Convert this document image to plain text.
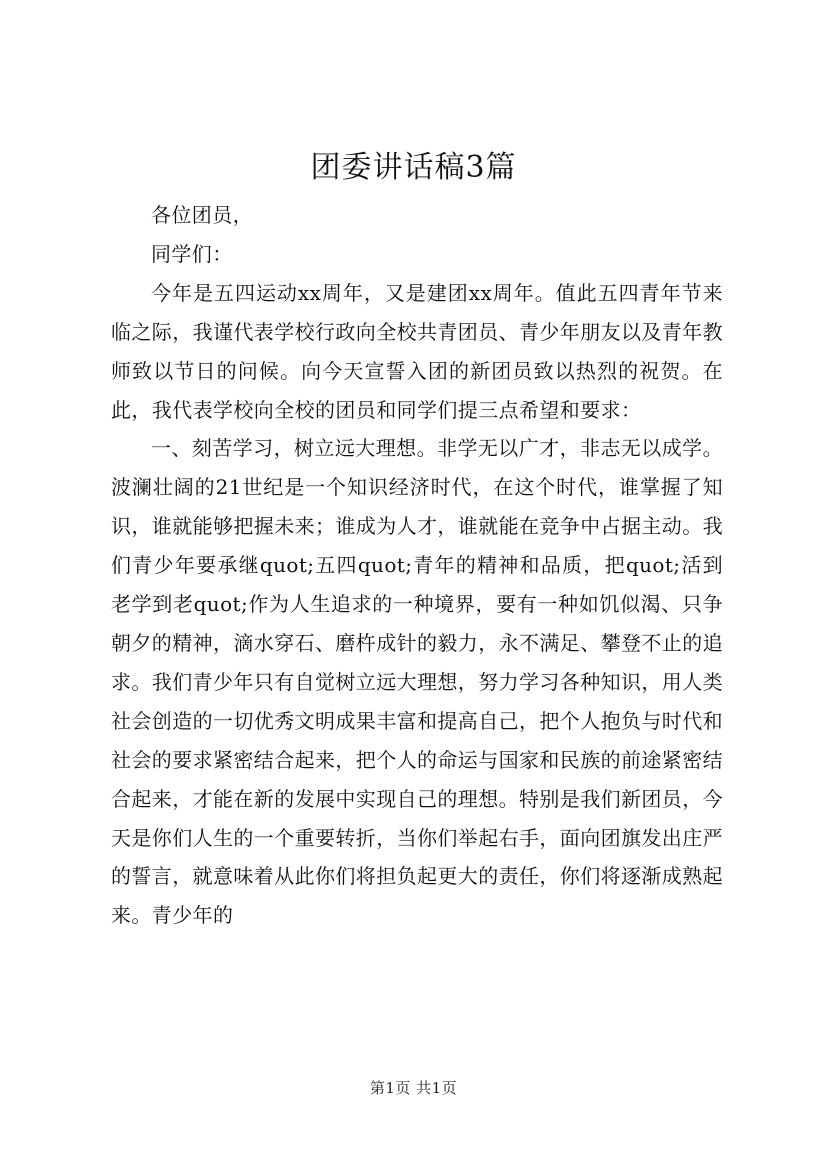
团委讲话稿3篇

各位团员，

同学们：

今年是五四运动xx周年，又是建团xx周年。值此五四青年节来临之际，我谨代表学校行政向全校共青团员、青少年朋友以及青年教师致以节日的问候。向今天宣誓入团的新团员致以热烈的祝贺。在此，我代表学校向全校的团员和同学们提三点希望和要求：

一、刻苦学习，树立远大理想。非学无以广才，非志无以成学。波澜壮阔的21世纪是一个知识经济时代，在这个时代，谁掌握了知识，谁就能够把握未来；谁成为人才，谁就能在竞争中占据主动。我们青少年要承继quot;五四quot;青年的精神和品质，把quot;活到老学到老quot;作为人生追求的一种境界，要有一种如饥似渴、只争朝夕的精神，滴水穿石、磨杵成针的毅力，永不满足、攀登不止的追求。我们青少年只有自觉树立远大理想，努力学习各种知识，用人类社会创造的一切优秀文明成果丰富和提高自己，把个人抱负与时代和社会的要求紧密结合起来，把个人的命运与国家和民族的前途紧密结合起来，才能在新的发展中实现自己的理想。特别是我们新团员，今天是你们人生的一个重要转折，当你们举起右手，面向团旗发出庄严的誓言，就意味着从此你们将担负起更大的责任，你们将逐渐成熟起来。青少年的

第1页 共1页
